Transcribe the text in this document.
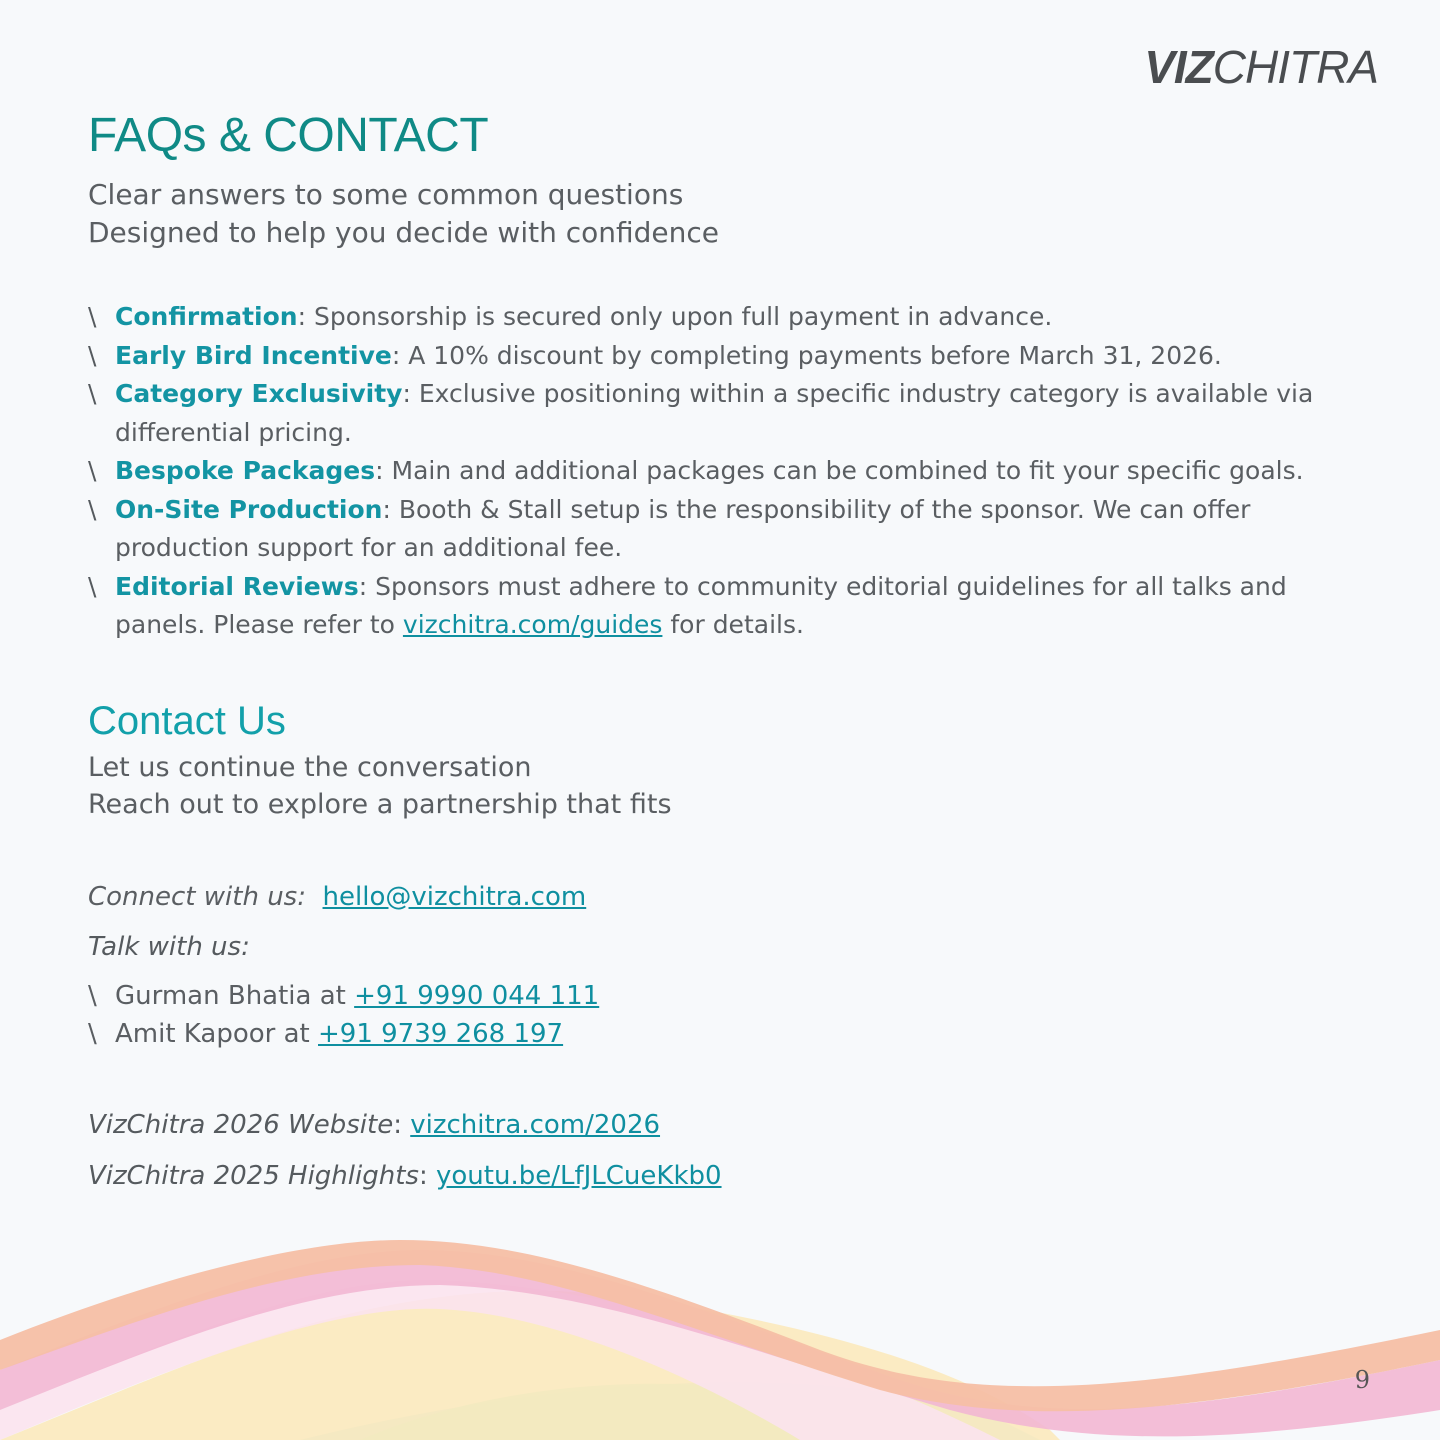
VIZCHITRA
FAQs & CONTACT
Clear answers to some common questions
Designed to help you decide with confidence
\ Confirmation: Sponsorship is secured only upon full payment in advance.
\ Early Bird Incentive: A 10% discount by completing payments before March 31, 2026.
\ Category Exclusivity: Exclusive positioning within a specific industry category is available via differential pricing.
\ Bespoke Packages: Main and additional packages can be combined to fit your specific goals.
\ On-Site Production: Booth & Stall setup is the responsibility of the sponsor. We can offer production support for an additional fee.
\ Editorial Reviews: Sponsors must adhere to community editorial guidelines for all talks and panels. Please refer to vizchitra.com/guides for details.
Contact Us
Let us continue the conversation
Reach out to explore a partnership that fits
Connect with us: hello@vizchitra.com
Talk with us:
\ Gurman Bhatia at +91 9990 044 111
\ Amit Kapoor at +91 9739 268 197
VizChitra 2026 Website: vizchitra.com/2026
VizChitra 2025 Highlights: youtu.be/LfJLCueKkb0
9
